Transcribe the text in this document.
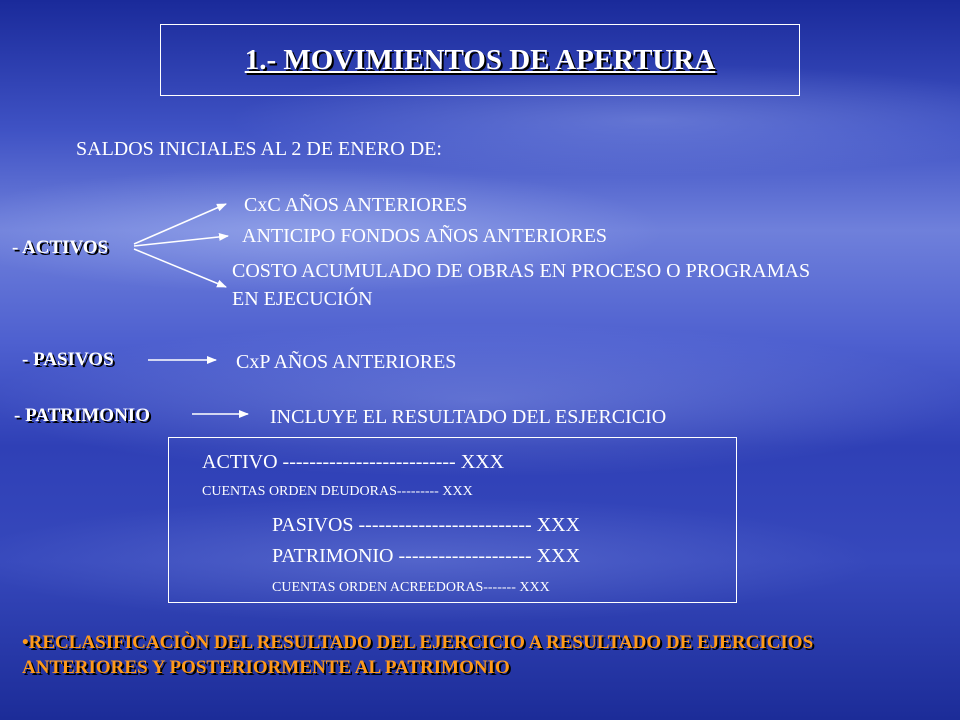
1.- MOVIMIENTOS DE APERTURA
SALDOS INICIALES AL 2 DE ENERO DE:
- ACTIVOS
CxC AÑOS ANTERIORES
ANTICIPO FONDOS AÑOS ANTERIORES
COSTO ACUMULADO DE OBRAS EN PROCESO O PROGRAMAS
EN EJECUCIÓN
- PASIVOS	CxP AÑOS ANTERIORES
- PATRIMONIO	INCLUYE EL RESULTADO DEL ESJERCICIO
ACTIVO -------------------------- XXX
CUENTAS ORDEN DEUDORAS--------- XXX
PASIVOS -------------------------- XXX
PATRIMONIO -------------------- XXX
CUENTAS ORDEN ACREEDORAS------- XXX
•RECLASIFICACIÒN DEL RESULTADO DEL EJERCICIO A RESULTADO DE EJERCICIOS ANTERIORES Y POSTERIORMENTE AL PATRIMONIO
